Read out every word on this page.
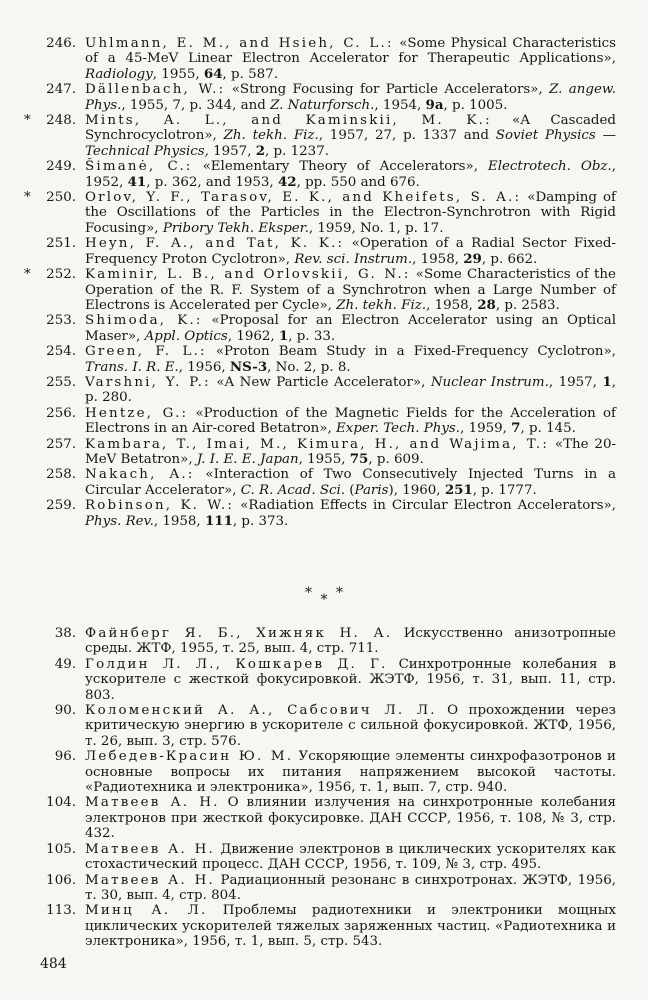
246. Uhlmann, E. M., and Hsieh, C. L.: «Some Physical Characteristics of a 45-MeV Linear Electron Accelerator for Therapeutic Applications», Radiology, 1955, 64, p. 587.

247. Dällenbach, W.: «Strong Focusing for Particle Accelerators», Z. angew. Phys., 1955, 7, p. 344, and Z. Naturforsch., 1954, 9a, p. 1005.

* 248. Mints, A. L., and Kaminskii, M. K.: «A Cascaded Synchrocyclotron», Zh. tekh. Fiz., 1957, 27, p. 1337 and Soviet Physics — Technical Physics, 1957, 2, p. 1237.

249. Šimanė, C.: «Elementary Theory of Accelerators», Electrotech. Obz., 1952, 41, p. 362, and 1953, 42, pp. 550 and 676.

* 250. Orlov, Y. F., Tarasov, E. K., and Kheifets, S. A.: «Damping of the Oscillations of the Particles in the Electron-Synchrotron with Rigid Focusing», Pribory Tekh. Eksper., 1959, No. 1, p. 17.

251. Heyn, F. A., and Tat, K. K.: «Operation of a Radial Sector Fixed-Frequency Proton Cyclotron», Rev. sci. Instrum., 1958, 29, p. 662.

* 252. Kaminir, L. B., and Orlovskii, G. N.: «Some Characteristics of the Operation of the R. F. System of a Synchrotron when a Large Number of Electrons is Accelerated per Cycle», Zh. tekh. Fiz., 1958, 28, p. 2583.

253. Shimoda, K.: «Proposal for an Electron Accelerator using an Optical Maser», Appl. Optics, 1962, 1, p. 33.

254. Green, F. L.: «Proton Beam Study in a Fixed-Frequency Cyclotron», Trans. I. R. E., 1956, NS-3, No. 2, p. 8.

255. Varshni, Y. P.: «A New Particle Accelerator», Nuclear Instrum., 1957, 1, p. 280.

256. Hentze, G.: «Production of the Magnetic Fields for the Acceleration of Electrons in an Air-cored Betatron», Exper. Tech. Phys., 1959, 7, p. 145.

257. Kambara, T., Imai, M., Kimura, H., and Wajima, T.: «The 20-MeV Betatron», J. I. E. E. Japan, 1955, 75, p. 609.

258. Nakach, A.: «Interaction of Two Consecutively Injected Turns in a Circular Accelerator», C. R. Acad. Sci. (Paris), 1960, 251, p. 1777.

259. Robinson, K. W.: «Radiation Effects in Circular Electron Accelerators», Phys. Rev., 1958, 111, p. 373.

* * *

38. Файнберг Я. Б., Хижняк Н. А. Искусственно анизотропные среды. ЖТФ, 1955, т. 25, вып. 4, стр. 711.

49. Голдин Л. Л., Кошкарев Д. Г. Синхротронные колебания в ускорителе с жесткой фокусировкой. ЖЭТФ, 1956, т. 31, вып. 11, стр. 803.

90. Коломенский А. А., Сабсович Л. Л. О прохождении через критическую энергию в ускорителе с сильной фокусировкой. ЖТФ, 1956, т. 26, вып. 3, стр. 576.

96. Лебедев-Красин Ю. М. Ускоряющие элементы синхрофазотронов и основные вопросы их питания напряжением высокой частоты. «Радиотехника и электроника», 1956, т. 1, вып. 7, стр. 940.

104. Матвеев А. Н. О влиянии излучения на синхротронные колебания электронов при жесткой фокусировке. ДАН СССР, 1956, т. 108, № 3, стр. 432.

105. Матвеев А. Н. Движение электронов в циклических ускорителях как стохастический процесс. ДАН СССР, 1956, т. 109, № 3, стр. 495.

106. Матвеев А. Н. Радиационный резонанс в синхротронах. ЖЭТФ, 1956, т. 30, вып. 4, стр. 804.

113. Минц А. Л. Проблемы радиотехники и электроники мощных циклических ускорителей тяжелых заряженных частиц. «Радиотехника и электроника», 1956, т. 1, вып. 5, стр. 543.

484
